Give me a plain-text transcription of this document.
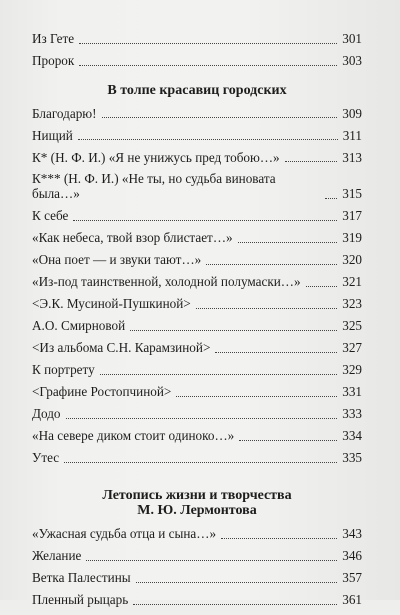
Из Гете	301
Пророк	303
В толпе красавиц городских
Благодарю!	309
Нищий	311
К* (Н. Ф. И.) «Я не унижусь пред тобою…»	313
К*** (Н. Ф. И.) «Не ты, но судьба виновата была…»	315
К себе	317
«Как небеса, твой взор блистает…»	319
«Она поет — и звуки тают…»	320
«Из-под таинственной, холодной полумаски…»	321
<Э.К. Мусиной-Пушкиной>	323
А.О. Смирновой	325
<Из альбома С.Н. Карамзиной>	327
К портрету	329
<Графине Ростопчиной>	331
Додо	333
«На севере диком стоит одиноко…»	334
Утес	335
Летопись жизни и творчества
М. Ю. Лермонтова
«Ужасная судьба отца и сына…»	343
Желание	346
Ветка Палестины	357
Пленный рыцарь	361
